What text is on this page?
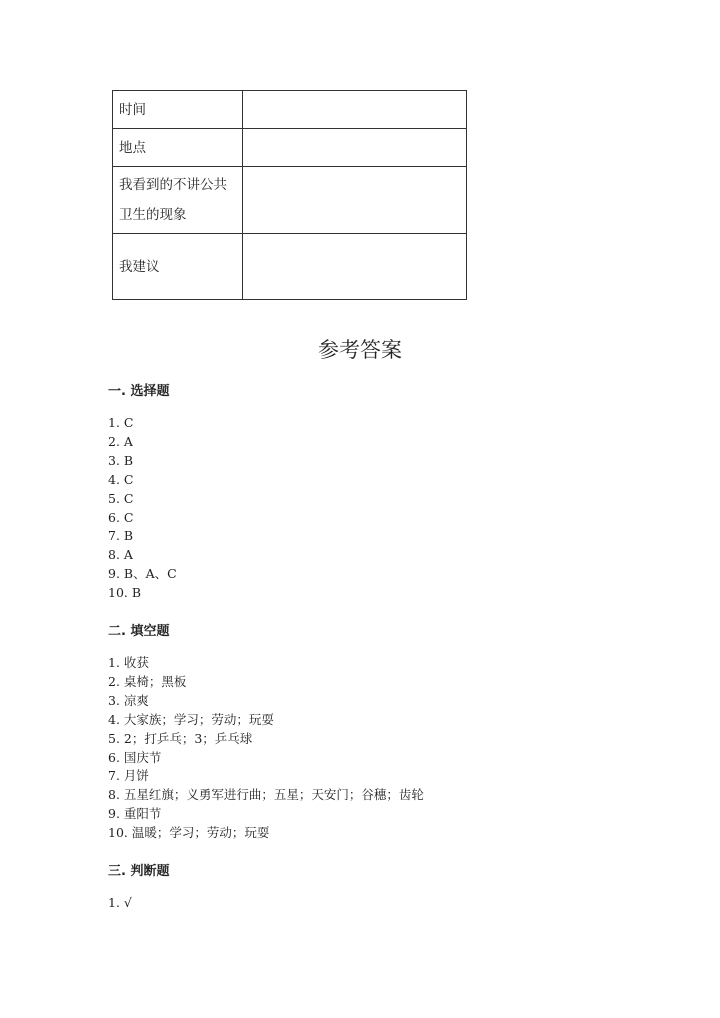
时间	
地点	
我看到的不讲公共卫生的现象	
我建议	
参考答案
一. 选择题
1. C
2. A
3. B
4. C
5. C
6. C
7. B
8. A
9. B、A、C
10. B
二. 填空题
1. 收获
2. 桌椅；黑板
3. 凉爽
4. 大家族；学习；劳动；玩耍
5. 2；打乒乓；3；乒乓球
6. 国庆节
7. 月饼
8. 五星红旗；义勇军进行曲；五星；天安门；谷穗；齿轮
9. 重阳节
10. 温暖；学习；劳动；玩耍
三. 判断题
1. √
